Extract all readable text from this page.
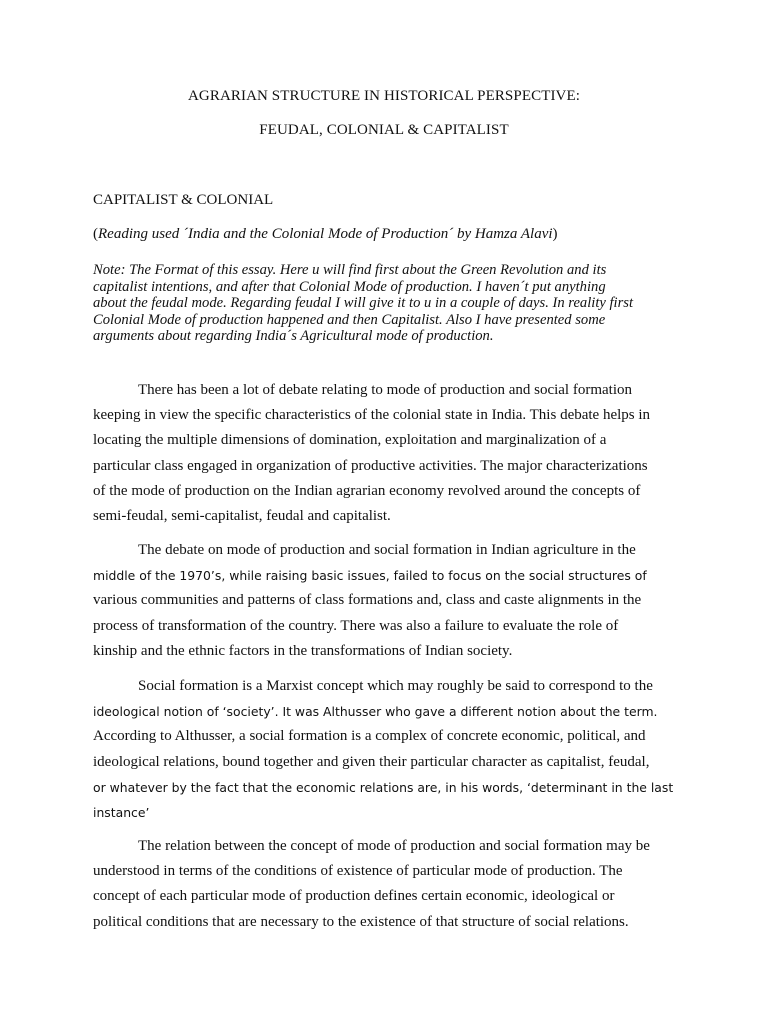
AGRARIAN STRUCTURE IN HISTORICAL PERSPECTIVE:
FEUDAL, COLONIAL & CAPITALIST
CAPITALIST & COLONIAL
(Reading used ´India and the Colonial Mode of Production´ by Hamza Alavi)
Note: The Format of this essay. Here u will find first about the Green Revolution and its
capitalist intentions, and after that Colonial Mode of production. I haven´t put anything
about the feudal mode. Regarding feudal I will give it to u in a couple of days. In reality first
Colonial Mode of production happened and then Capitalist. Also I have presented some
arguments about regarding India´s Agricultural mode of production.
There has been a lot of debate relating to mode of production and social formation
keeping in view the specific characteristics of the colonial state in India. This debate helps in
locating the multiple dimensions of domination, exploitation and marginalization of a
particular class engaged in organization of productive activities. The major characterizations
of the mode of production on the Indian agrarian economy revolved around the concepts of
semi-feudal, semi-capitalist, feudal and capitalist.
The debate on mode of production and social formation in Indian agriculture in the
middle of the 1970’s, while raising basic issues, failed to focus on the social structures of
various communities and patterns of class formations and, class and caste alignments in the
process of transformation of the country. There was also a failure to evaluate the role of
kinship and the ethnic factors in the transformations of Indian society.
Social formation is a Marxist concept which may roughly be said to correspond to the
ideological notion of ‘society’. It was Althusser who gave a different notion about the term.
According to Althusser, a social formation is a complex of concrete economic, political, and
ideological relations, bound together and given their particular character as capitalist, feudal,
or whatever by the fact that the economic relations are, in his words, ‘determinant in the last
instance’
The relation between the concept of mode of production and social formation may be
understood in terms of the conditions of existence of particular mode of production. The
concept of each particular mode of production defines certain economic, ideological or
political conditions that are necessary to the existence of that structure of social relations.
